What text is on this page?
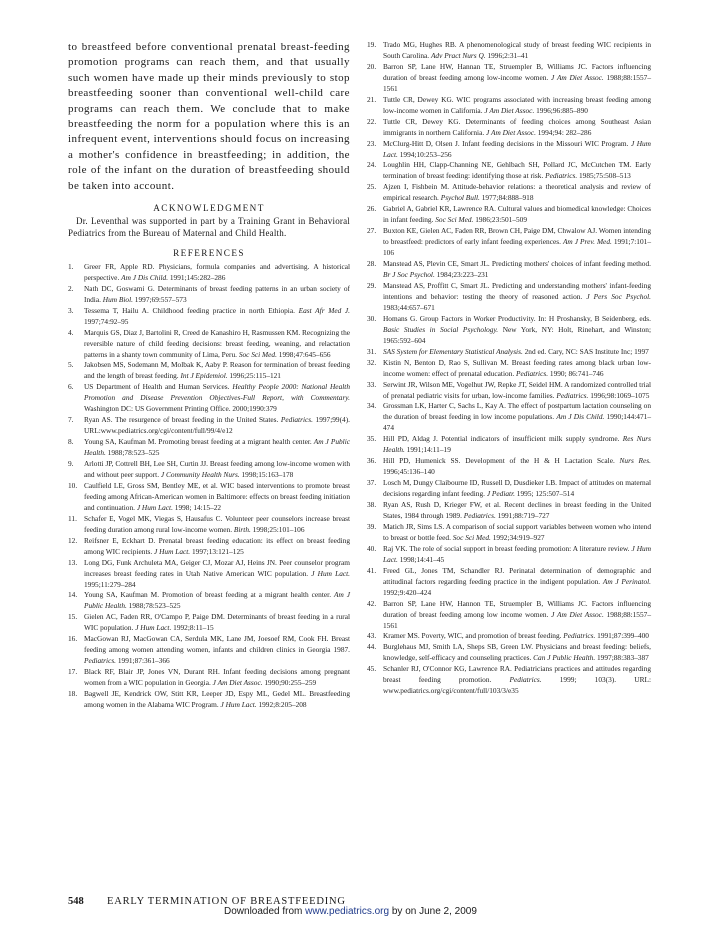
to breastfeed before conventional prenatal breast-feeding promotion programs can reach them, and that usually such women have made up their minds previously to stop breastfeeding sooner than conventional well-child care programs can reach them. We conclude that to make breastfeeding the norm for a population where this is an infrequent event, interventions should focus on increasing a mother's confidence in breastfeeding; in addition, the role of the infant on the duration of breastfeeding should be taken into account.

ACKNOWLEDGMENT

Dr. Leventhal was supported in part by a Training Grant in Behavioral Pediatrics from the Bureau of Maternal and Child Health.

REFERENCES
1. Greer FR, Apple RD. Physicians, formula companies and advertising. A historical perspective. Am J Dis Child. 1991;145:282–286
2. Nath DC, Goswami G. Determinants of breast feeding patterns in an urban society of India. Hum Biol. 1997;69:557–573
3. Tessema T, Hailu A. Childhood feeding practice in north Ethiopia. East Afr Med J. 1997;74:92–95
4. Marquis GS, Diaz J, Bartolini R, Creed de Kanashiro H, Rasmussen KM. Recognizing the reversible nature of child feeding decisions: breast feeding, weaning, and relactation patterns in a shanty town community of Lima, Peru. Soc Sci Med. 1998;47:645–656
5. Jakobsen MS, Sodemann M, Molbak K, Aaby P. Reason for termination of breast feeding and the length of breast feeding. Int J Epidemiol. 1996;25:115–121
6. US Department of Health and Human Services. Healthy People 2000: National Health Promotion and Disease Prevention Objectives-Full Report, with Commentary. Washington DC: US Government Printing Office. 2000;1990:379
7. Ryan AS. The resurgence of breast feeding in the United States. Pediatrics. 1997;99(4). URL:www.pediatrics.org/cgi/content/full/99/4/e12
8. Young SA, Kaufman M. Promoting breast feeding at a migrant health center. Am J Public Health. 1988;78:523–525
9. Arlotti JP, Cottrell BH, Lee SH, Curtin JJ. Breast feeding among low-income women with and without peer support. J Community Health Nurs. 1998;15:163–178
10. Caulfield LE, Gross SM, Bentley ME, et al. WIC based interventions to promote breast feeding among African-American women in Baltimore: effects on breast feeding initiation and continuation. J Hum Lact. 1998; 14:15–22
11. Schafer E, Vogel MK, Viegas S, Hausafus C. Volunteer peer counselors increase breast feeding duration among rural low-income women. Birth. 1998;25:101–106
12. Reifsner E, Eckhart D. Prenatal breast feeding education: its effect on breast feeding among WIC recipients. J Hum Lact. 1997;13:121–125
13. Long DG, Funk Archuleta MA, Geiger CJ, Mozar AJ, Heins JN. Peer counselor program increases breast feeding rates in Utah Native American WIC population. J Hum Lact. 1995;11:279–284
14. Young SA, Kaufman M. Promotion of breast feeding at a migrant health center. Am J Public Health. 1988;78:523–525
15. Gielen AC, Faden RR, O'Campo P, Paige DM. Determinants of breast feeding in a rural WIC population. J Hum Lact. 1992;8:11–15
16. MacGowan RJ, MacGowan CA, Serdula MK, Lane JM, Joesoef RM, Cook FH. Breast feeding among women attending women, infants and children clinics in Georgia 1987. Pediatrics. 1991;87:361–366
17. Black RF, Blair JP, Jones VN, Durant RH. Infant feeding decisions among pregnant women from a WIC population in Georgia. J Am Diet Assoc. 1990;90:255–259
18. Bagwell JE, Kendrick OW, Stitt KR, Leeper JD, Espy ML, Gedel ML. Breastfeeding among women in the Alabama WIC Program. J Hum Lact. 1992;8:205–208
19. Trado MG, Hughes RB. A phenomenological study of breast feeding WIC recipients in South Carolina. Adv Pract Nurs Q. 1996;2:31–41
20. Barron SP, Lane HW, Hannan TE, Struempler B, Williams JC. Factors influencing duration of breast feeding among low-income women. J Am Diet Assoc. 1988;88:1557–1561
21. Tuttle CR, Dewey KG. WIC programs associated with increasing breast feeding among low-income women in California. J Am Diet Assoc. 1996;96:885–890
22. Tuttle CR, Dewey KG. Determinants of feeding choices among Southeast Asian immigrants in northern California. J Am Diet Assoc. 1994;94: 282–286
23. McClurg-Hitt D, Olsen J. Infant feeding decisions in the Missouri WIC Program. J Hum Lact. 1994;10:253–256
24. Loughlin HH, Clapp-Channing NE, Gehlbach SH, Pollard JC, McCutchen TM. Early termination of breast feeding: identifying those at risk. Pediatrics. 1985;75:508–513
25. Ajzen I, Fishbein M. Attitude-behavior relations: a theoretical analysis and review of empirical research. Psychol Bull. 1977;84:888–918
26. Gabriel A, Gabriel KR, Lawrence RA. Cultural values and biomedical knowledge: Choices in infant feeding. Soc Sci Med. 1986;23:501–509
27. Buxton KE, Gielen AC, Faden RR, Brown CH, Paige DM, Chwalow AJ. Women intending to breastfeed: predictors of early infant feeding experiences. Am J Prev. Med. 1991;7:101–106
28. Manstead AS, Plevin CE, Smart JL. Predicting mothers' choices of infant feeding method. Br J Soc Psychol. 1984;23:223–231
29. Manstead AS, Proffitt C, Smart JL. Predicting and understanding mothers' infant-feeding intentions and behavior: testing the theory of reasoned action. J Pers Soc Psychol. 1983;44:657–671
30. Homans G. Group Factors in Worker Productivity. In: H Proshansky, B Seidenberg, eds. Basic Studies in Social Psychology. New York, NY: Holt, Rinehart, and Winston; 1965:592–604
31. SAS System for Elementary Statistical Analysis. 2nd ed. Cary, NC: SAS Institute Inc; 1997
32. Kistin N, Benton D, Rao S, Sullivan M. Breast feeding rates among black urban low-income women: effect of prenatal education. Pediatrics. 1990; 86:741–746
33. Serwint JR, Wilson ME, Vogelhut JW, Repke JT, Seidel HM. A randomized controlled trial of prenatal pediatric visits for urban, low-income families. Pediatrics. 1996;98:1069–1075
34. Grossman LK, Harter C, Sachs L, Kay A. The effect of postpartum lactation counseling on the duration of breast feeding in low income populations. Am J Dis Child. 1990;144:471–474
35. Hill PD, Aldag J. Potential indicators of insufficient milk supply syndrome. Res Nurs Health. 1991;14:11–19
36. Hill PD, Humenick SS. Development of the H & H Lactation Scale. Nurs Res. 1996;45:136–140
37. Losch M, Dungy Claibourne ID, Russell D, Dusdieker LB. Impact of attitudes on maternal decisions regarding infant feeding. J Pediatr. 1995; 125:507–514
38. Ryan AS, Rush D, Krieger FW, et al. Recent declines in breast feeding in the United States, 1984 through 1989. Pediatrics. 1991;88:719–727
39. Matich JR, Sims LS. A comparison of social support variables between women who intend to breast or bottle feed. Soc Sci Med. 1992;34:919–927
40. Raj VK. The role of social support in breast feeding promotion: A literature review. J Hum Lact. 1998;14:41–45
41. Freed GL, Jones TM, Schandler RJ. Perinatal determination of demographic and attitudinal factors regarding feeding practice in the indigent population. Am J Perinatol. 1992;9:420–424
42. Barron SP, Lane HW, Hannon TE, Struempler B, Williams JC. Factors influencing duration of breast feeding among low income women. J Am Diet Assoc. 1988;88:1557–1561
43. Kramer MS. Poverty, WIC, and promotion of breast feeding. Pediatrics. 1991;87:399–400
44. Burglehaus MJ, Smith LA, Sheps SB, Green LW. Physicians and breast feeding: beliefs, knowledge, self-efficacy and counseling practices. Can J Public Health. 1997;88:383–387
45. Schanler RJ, O'Connor KG, Lawrence RA. Pediatricians practices and attitudes regarding breast feeding promotion. Pediatrics. 1999; 103(3). URL: www.pediatrics.org/cgi/content/full/103/3/e35
548 EARLY TERMINATION OF BREASTFEEDING
Downloaded from www.pediatrics.org by on June 2, 2009
